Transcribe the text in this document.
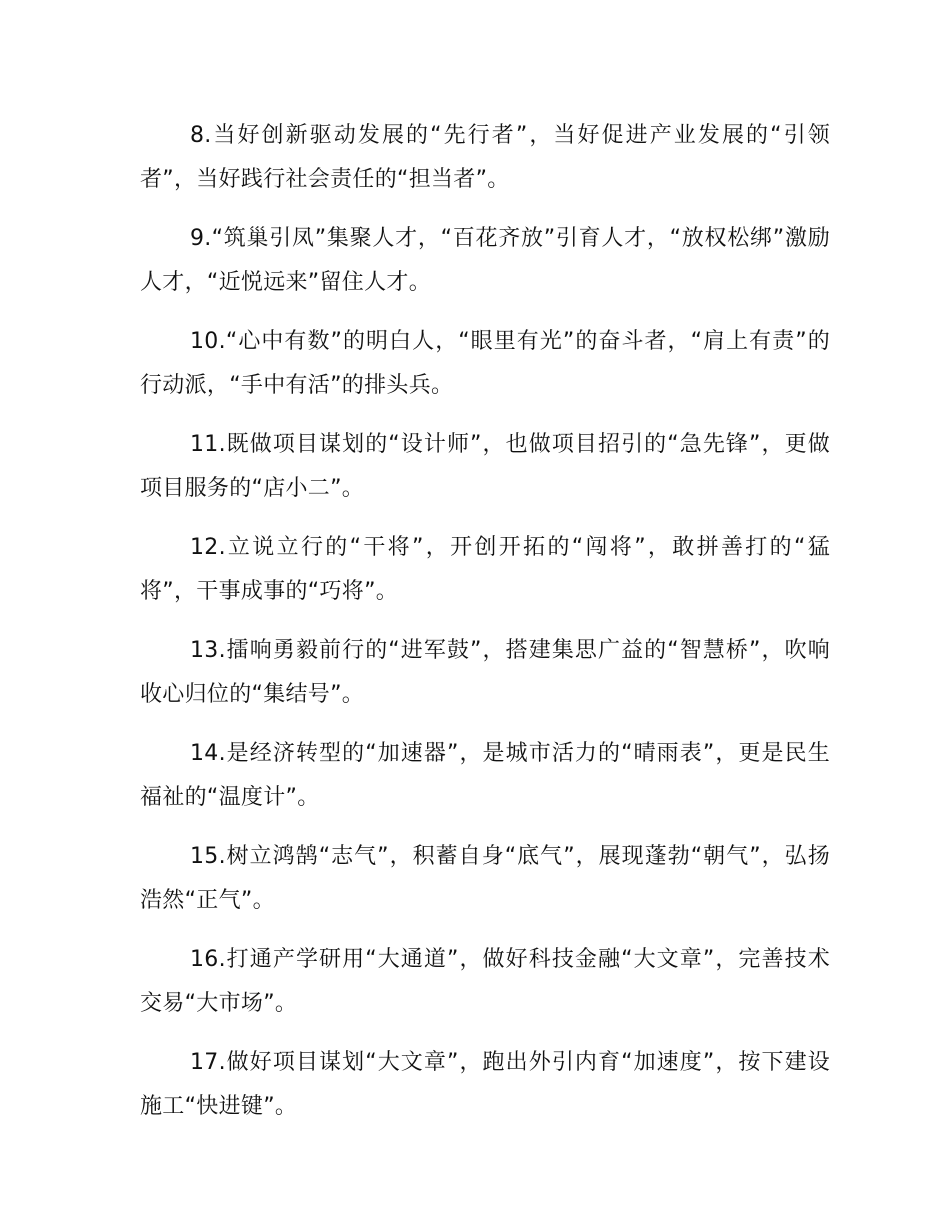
8.当好创新驱动发展的“先行者”，当好促进产业发展的“引领者”，当好践行社会责任的“担当者”。

9.“筑巢引凤”集聚人才，“百花齐放”引育人才，“放权松绑”激励人才，“近悦远来”留住人才。

10.“心中有数”的明白人，“眼里有光”的奋斗者，“肩上有责”的行动派，“手中有活”的排头兵。

11.既做项目谋划的“设计师”，也做项目招引的“急先锋”，更做项目服务的“店小二”。

12.立说立行的“干将”，开创开拓的“闯将”，敢拼善打的“猛将”，干事成事的“巧将”。

13.擂响勇毅前行的“进军鼓”，搭建集思广益的“智慧桥”，吹响收心归位的“集结号”。

14.是经济转型的“加速器”，是城市活力的“晴雨表”，更是民生福祉的“温度计”。

15.树立鸿鹄“志气”，积蓄自身“底气”，展现蓬勃“朝气”，弘扬浩然“正气”。

16.打通产学研用“大通道”，做好科技金融“大文章”，完善技术交易“大市场”。

17.做好项目谋划“大文章”，跑出外引内育“加速度”，按下建设施工“快进键”。
